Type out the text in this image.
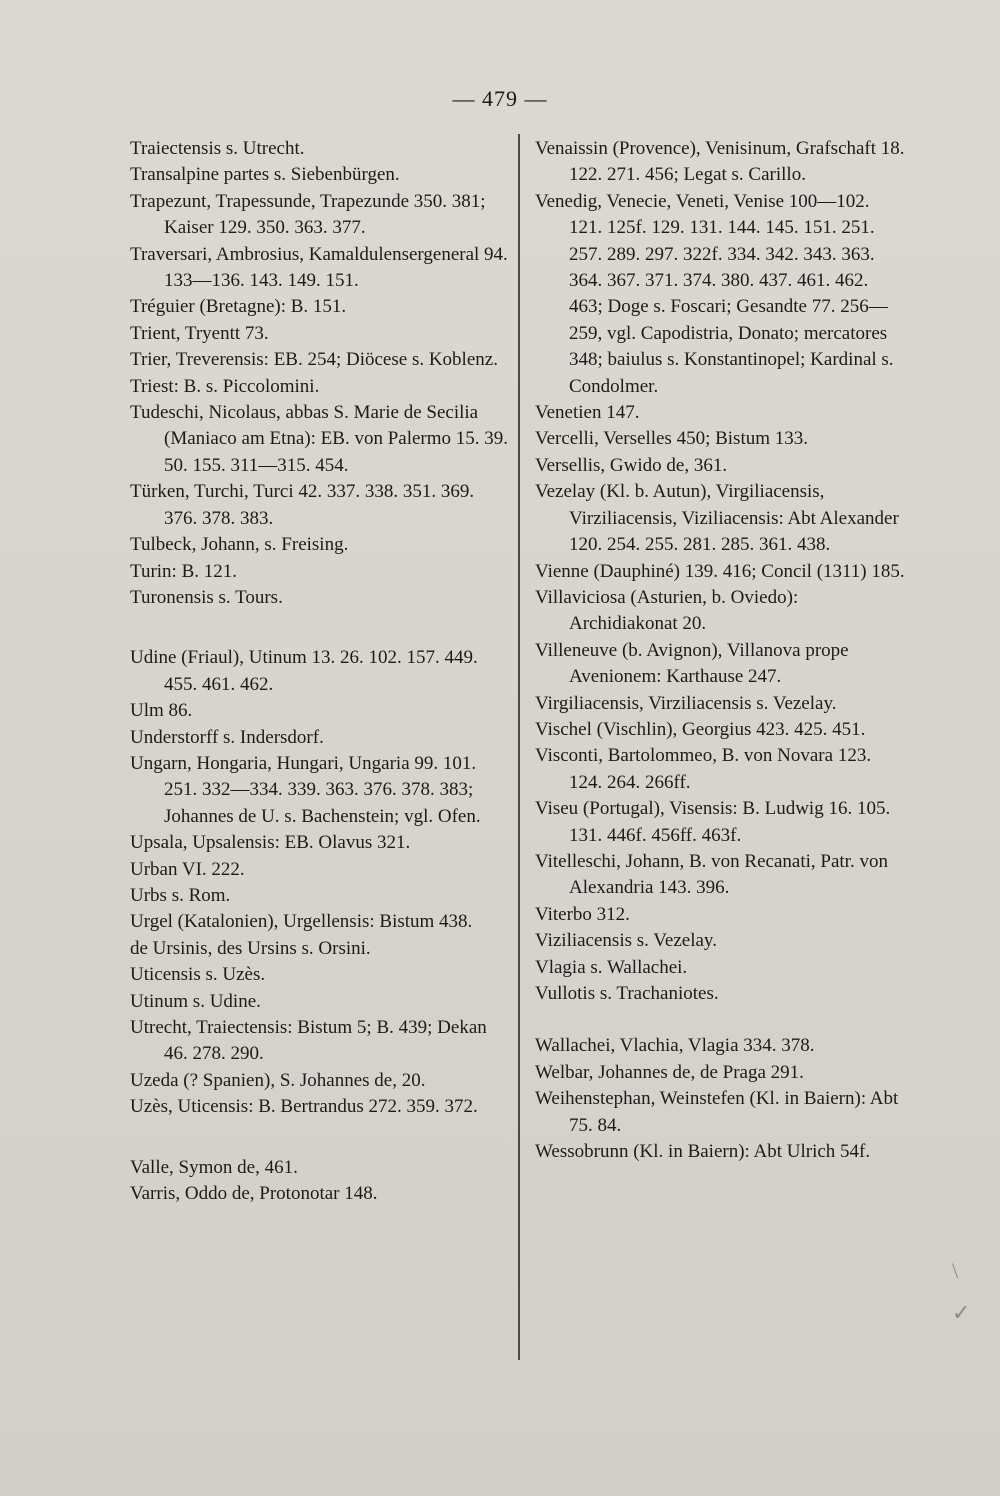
— 479 —

Traiectensis s. Utrecht.

Transalpine partes s. Siebenbürgen.

Trapezunt, Trapessunde, Trapezunde 350. 381; Kaiser 129. 350. 363. 377.

Traversari, Ambrosius, Kamaldulensergeneral 94. 133—136. 143. 149. 151.

Tréguier (Bretagne): B. 151.

Trient, Tryentt 73.

Trier, Treverensis: EB. 254; Diöcese s. Koblenz.

Triest: B. s. Piccolomini.

Tudeschi, Nicolaus, abbas S. Marie de Secilia (Maniaco am Etna): EB. von Palermo 15. 39. 50. 155. 311—315. 454.

Türken, Turchi, Turci 42. 337. 338. 351. 369. 376. 378. 383.

Tulbeck, Johann, s. Freising.

Turin: B. 121.

Turonensis s. Tours.

Udine (Friaul), Utinum 13. 26. 102. 157. 449. 455. 461. 462.

Ulm 86.

Understorff s. Indersdorf.

Ungarn, Hongaria, Hungari, Ungaria 99. 101. 251. 332—334. 339. 363. 376. 378. 383; Johannes de U. s. Bachenstein; vgl. Ofen.

Upsala, Upsalensis: EB. Olavus 321.

Urban VI. 222.

Urbs s. Rom.

Urgel (Katalonien), Urgellensis: Bistum 438.

de Ursinis, des Ursins s. Orsini.

Uticensis s. Uzès.

Utinum s. Udine.

Utrecht, Traiectensis: Bistum 5; B. 439; Dekan 46. 278. 290.

Uzeda (? Spanien), S. Johannes de, 20.

Uzès, Uticensis: B. Bertrandus 272. 359. 372.

Valle, Symon de, 461.

Varris, Oddo de, Protonotar 148.

Venaissin (Provence), Venisinum, Grafschaft 18. 122. 271. 456; Legat s. Carillo.

Venedig, Venecie, Veneti, Venise 100—102. 121. 125f. 129. 131. 144. 145. 151. 251. 257. 289. 297. 322f. 334. 342. 343. 363. 364. 367. 371. 374. 380. 437. 461. 462. 463; Doge s. Foscari; Gesandte 77. 256—259, vgl. Capodistria, Donato; mercatores 348; baiulus s. Konstantinopel; Kardinal s. Condolmer.

Venetien 147.

Vercelli, Verselles 450; Bistum 133.

Versellis, Gwido de, 361.

Vezelay (Kl. b. Autun), Virgiliacensis, Virziliacensis, Viziliacensis: Abt Alexander 120. 254. 255. 281. 285. 361. 438.

Vienne (Dauphiné) 139. 416; Concil (1311) 185.

Villaviciosa (Asturien, b. Oviedo): Archidiakonat 20.

Villeneuve (b. Avignon), Villanova prope Avenionem: Karthause 247.

Virgiliacensis, Virziliacensis s. Vezelay.

Vischel (Vischlin), Georgius 423. 425. 451.

Visconti, Bartolommeo, B. von Novara 123. 124. 264. 266ff.

Viseu (Portugal), Visensis: B. Ludwig 16. 105. 131. 446f. 456ff. 463f.

Vitelleschi, Johann, B. von Recanati, Patr. von Alexandria 143. 396.

Viterbo 312.

Viziliacensis s. Vezelay.

Vlagia s. Wallachei.

Vullotis s. Trachaniotes.

Wallachei, Vlachia, Vlagia 334. 378.

Welbar, Johannes de, de Praga 291.

Weihenstephan, Weinstefen (Kl. in Baiern): Abt 75. 84.

Wessobrunn (Kl. in Baiern): Abt Ulrich 54f.

\
✓
